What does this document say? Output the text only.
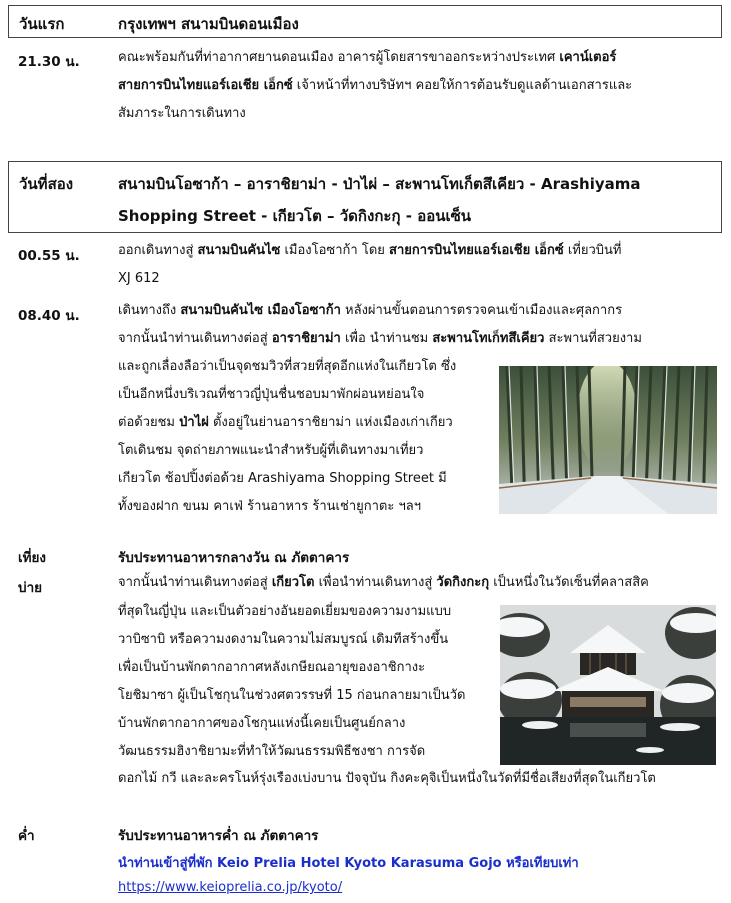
วันแรก	กรุงเทพฯ สนามบินดอนเมือง
21.30 น.	คณะพร้อมกันที่ท่าอากาศยานดอนเมือง อาคารผู้โดยสารขาออกระหว่างประเทศ เคาน์เตอร์
สายการบินไทยแอร์เอเชีย เอ็กซ์ เจ้าหน้าที่ทางบริษัทฯ คอยให้การต้อนรับดูแลด้านเอกสารและ
สัมภาระในการเดินทาง
วันที่สอง	สนามบินโอซาก้า – อาราชิยาม่า - ป่าไผ่ – สะพานโทเก็ตสึเคียว - Arashiyama
Shopping Street - เกียวโต – วัดกิงกะกุ - ออนเซ็น
00.55 น.	ออกเดินทางสู่ สนามบินคันไซ เมืองโอซาก้า โดย สายการบินไทยแอร์เอเชีย เอ็กซ์ เที่ยวบินที่
XJ 612
08.40 น.	เดินทางถึง สนามบินคันไซ เมืองโอซาก้า หลังผ่านขั้นตอนการตรวจคนเข้าเมืองและศุลกากร
จากนั้นนำท่านเดินทางต่อสู่ อาราชิยาม่า เพื่อ นำท่านชม สะพานโทเก็ทสึเคียว สะพานที่สวยงาม
และถูกเลื่องลือว่าเป็นจุดชมวิวที่สวยที่สุดอีกแห่งในเกียวโต ซึ่ง
เป็นอีกหนึ่งบริเวณที่ชาวญี่ปุ่นชื่นชอบมาพักผ่อนหย่อนใจ
ต่อด้วยชม ป่าไผ่ ตั้งอยู่ในย่านอาราชิยาม่า แห่งเมืองเก่าเกียว
โตเดินชม จุดถ่ายภาพแนะนำสำหรับผู้ที่เดินทางมาเที่ยว
เกียวโต ช้อปปิ้งต่อด้วย Arashiyama Shopping Street มี
ทั้งของฝาก ขนม คาเฟ่ ร้านอาหาร ร้านเช่ายูกาตะ ฯลฯ
เที่ยง	รับประทานอาหารกลางวัน ณ ภัตตาคาร
บ่าย	จากนั้นนำท่านเดินทางต่อสู่ เกียวโต เพื่อนำท่านเดินทางสู่ วัดกิงกะกุ เป็นหนึ่งในวัดเซ็นที่คลาสสิค
ที่สุดในญี่ปุ่น และเป็นตัวอย่างอันยอดเยี่ยมของความงามแบบ
วาบิซาบิ หรือความงดงามในความไม่สมบูรณ์ เดิมทีสร้างขึ้น
เพื่อเป็นบ้านพักตากอากาศหลังเกษียณอายุของอาชิกางะ
โยชิมาซา ผู้เป็นโชกุนในช่วงศตวรรษที่ 15 ก่อนกลายมาเป็นวัด
บ้านพักตากอากาศของโชกุนแห่งนี้เคยเป็นศูนย์กลาง
วัฒนธรรมฮิงาชิยามะที่ทำให้วัฒนธรรมพิธีชงชา การจัด
ดอกไม้ กวี และละครโนห์รุ่งเรืองเบ่งบาน ปัจจุบัน กิงคะคุจิเป็นหนึ่งในวัดที่มีชื่อเสียงที่สุดในเกียวโต
ค่ำ	รับประทานอาหารค่ำ ณ ภัตตาคาร
นำท่านเข้าสู่ที่พัก Keio Prelia Hotel Kyoto Karasuma Gojo หรือเทียบเท่า
https://www.keioprelia.co.jp/kyoto/
